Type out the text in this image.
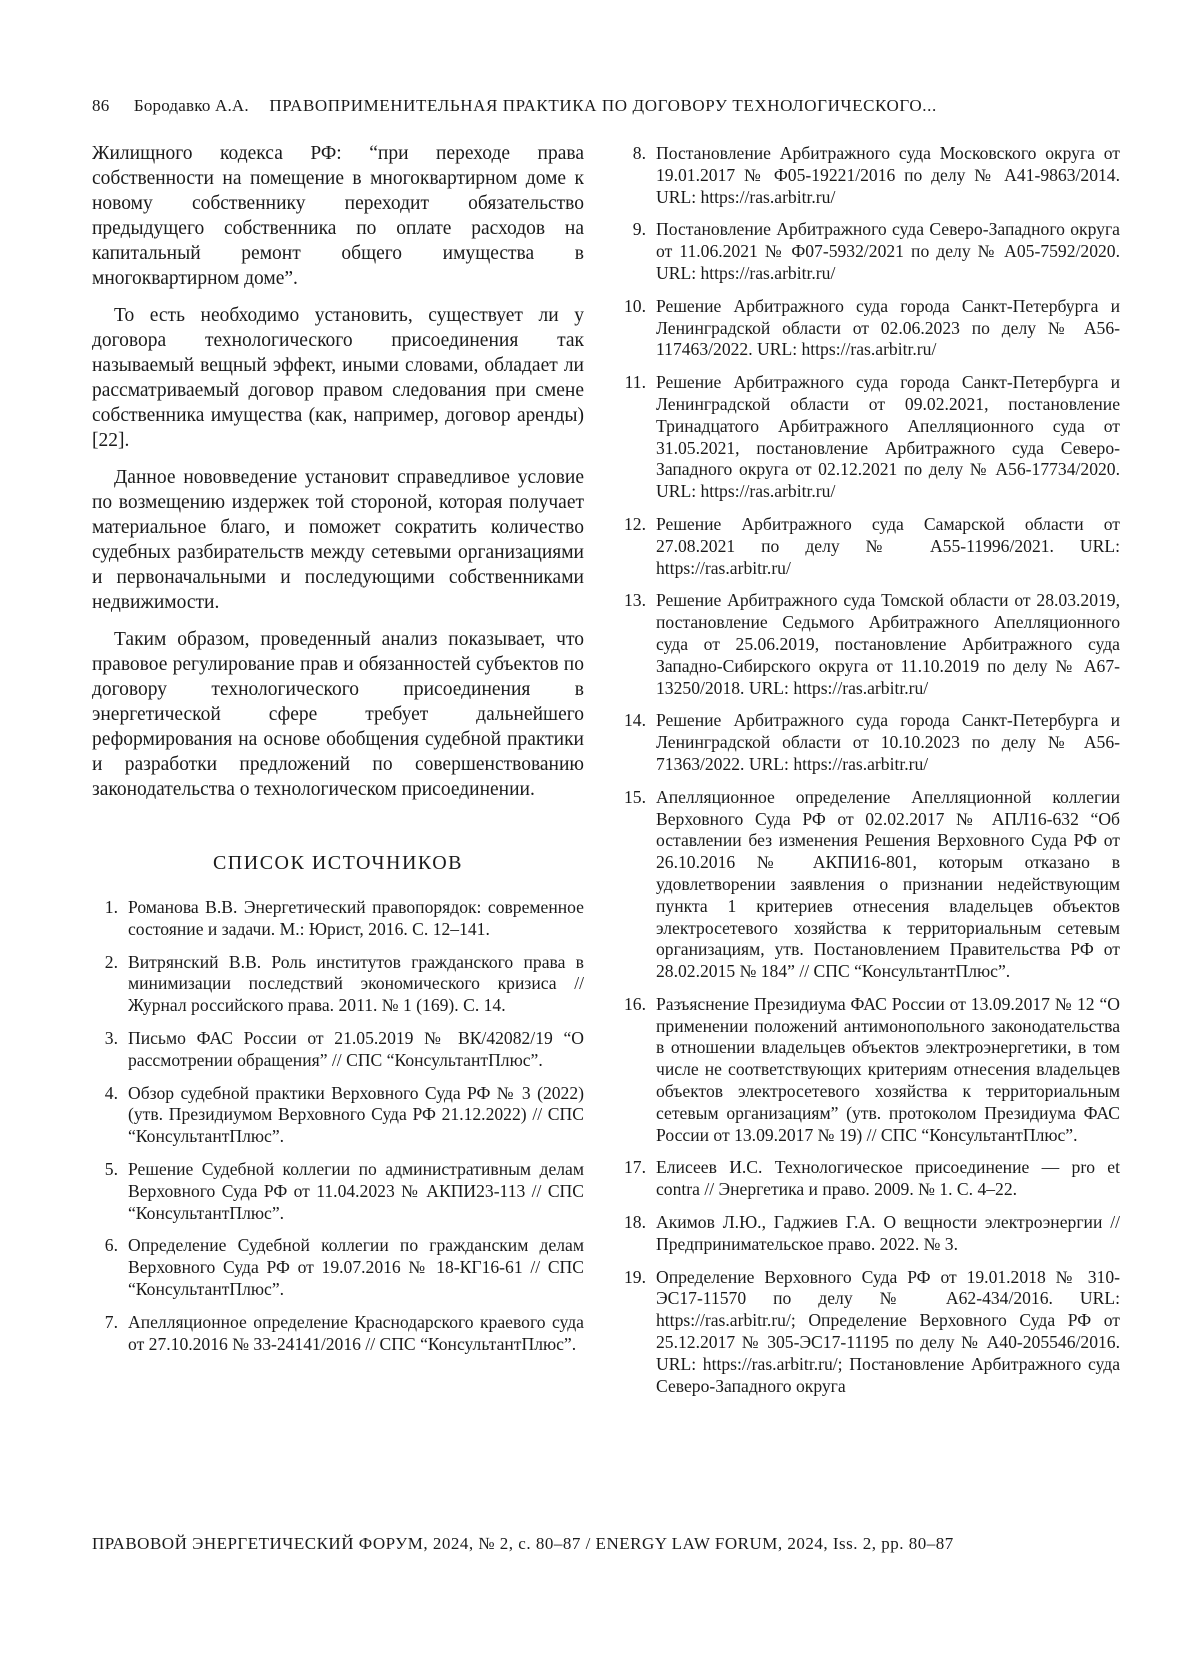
86 Бородавко А.А. ПРАВОПРИМЕНИТЕЛЬНАЯ ПРАКТИКА ПО ДОГОВОРУ ТЕХНОЛОГИЧЕСКОГО...

Жилищного кодекса РФ: “при переходе права собственности на помещение в многоквартирном доме к новому собственнику переходит обязательство предыдущего собственника по оплате расходов на капитальный ремонт общего имущества в многоквартирном доме”.

То есть необходимо установить, существует ли у договора технологического присоединения так называемый вещный эффект, иными словами, обладает ли рассматриваемый договор правом следования при смене собственника имущества (как, например, договор аренды) [22].

Данное нововведение установит справедливое условие по возмещению издержек той стороной, которая получает материальное благо, и поможет сократить количество судебных разбирательств между сетевыми организациями и первоначальными и последующими собственниками недвижимости.

Таким образом, проведенный анализ показывает, что правовое регулирование прав и обязанностей субъектов по договору технологического присоединения в энергетической сфере требует дальнейшего реформирования на основе обобщения судебной практики и разработки предложений по совершенствованию законодательства о технологическом присоединении.

СПИСОК ИСТОЧНИКОВ
1. Романова В.В. Энергетический правопорядок: современное состояние и задачи. М.: Юрист, 2016. С. 12–141.
2. Витрянский В.В. Роль институтов гражданского права в минимизации последствий экономического кризиса // Журнал российского права. 2011. № 1 (169). С. 14.
3. Письмо ФАС России от 21.05.2019 № ВК/42082/19 “О рассмотрении обращения” // СПС “КонсультантПлюс”.
4. Обзор судебной практики Верховного Суда РФ № 3 (2022) (утв. Президиумом Верховного Суда РФ 21.12.2022) // СПС “КонсультантПлюс”.
5. Решение Судебной коллегии по административным делам Верховного Суда РФ от 11.04.2023 № АКПИ23-113 // СПС “КонсультантПлюс”.
6. Определение Судебной коллегии по гражданским делам Верховного Суда РФ от 19.07.2016 № 18-КГ16-61 // СПС “КонсультантПлюс”.
7. Апелляционное определение Краснодарского краевого суда от 27.10.2016 № 33-24141/2016 // СПС “КонсультантПлюс”.
8. Постановление Арбитражного суда Московского округа от 19.01.2017 № Ф05-19221/2016 по делу № А41-9863/2014. URL: https://ras.arbitr.ru/
9. Постановление Арбитражного суда Северо-Западного округа от 11.06.2021 № Ф07-5932/2021 по делу № А05-7592/2020. URL: https://ras.arbitr.ru/
10. Решение Арбитражного суда города Санкт-Петербурга и Ленинградской области от 02.06.2023 по делу № А56-117463/2022. URL: https://ras.arbitr.ru/
11. Решение Арбитражного суда города Санкт-Петербурга и Ленинградской области от 09.02.2021, постановление Тринадцатого Арбитражного Апелляционного суда от 31.05.2021, постановление Арбитражного суда Северо-Западного округа от 02.12.2021 по делу № А56-17734/2020. URL: https://ras.arbitr.ru/
12. Решение Арбитражного суда Самарской области от 27.08.2021 по делу № А55-11996/2021. URL: https://ras.arbitr.ru/
13. Решение Арбитражного суда Томской области от 28.03.2019, постановление Седьмого Арбитражного Апелляционного суда от 25.06.2019, постановление Арбитражного суда Западно-Сибирского округа от 11.10.2019 по делу № А67-13250/2018. URL: https://ras.arbitr.ru/
14. Решение Арбитражного суда города Санкт-Петербурга и Ленинградской области от 10.10.2023 по делу № А56-71363/2022. URL: https://ras.arbitr.ru/
15. Апелляционное определение Апелляционной коллегии Верховного Суда РФ от 02.02.2017 № АПЛ16-632 “Об оставлении без изменения Решения Верховного Суда РФ от 26.10.2016 № АКПИ16-801, которым отказано в удовлетворении заявления о признании недействующим пункта 1 критериев отнесения владельцев объектов электросетевого хозяйства к территориальным сетевым организациям, утв. Постановлением Правительства РФ от 28.02.2015 № 184” // СПС “КонсультантПлюс”.
16. Разъяснение Президиума ФАС России от 13.09.2017 № 12 “О применении положений антимонопольного законодательства в отношении владельцев объектов электроэнергетики, в том числе не соответствующих критериям отнесения владельцев объектов электросетевого хозяйства к территориальным сетевым организациям” (утв. протоколом Президиума ФАС России от 13.09.2017 № 19) // СПС “КонсультантПлюс”.
17. Елисеев И.С. Технологическое присоединение — pro et contra // Энергетика и право. 2009. № 1. С. 4–22.
18. Акимов Л.Ю., Гаджиев Г.А. О вещности электроэнергии // Предпринимательское право. 2022. № 3.
19. Определение Верховного Суда РФ от 19.01.2018 № 310-ЭС17-11570 по делу № А62-434/2016. URL: https://ras.arbitr.ru/; Определение Верховного Суда РФ от 25.12.2017 № 305-ЭС17-11195 по делу № А40-205546/2016. URL: https://ras.arbitr.ru/; Постановление Арбитражного суда Северо-Западного округа
ПРАВОВОЙ ЭНЕРГЕТИЧЕСКИЙ ФОРУМ, 2024, № 2, с. 80–87 / ENERGY LAW FORUM, 2024, Iss. 2, pp. 80–87
